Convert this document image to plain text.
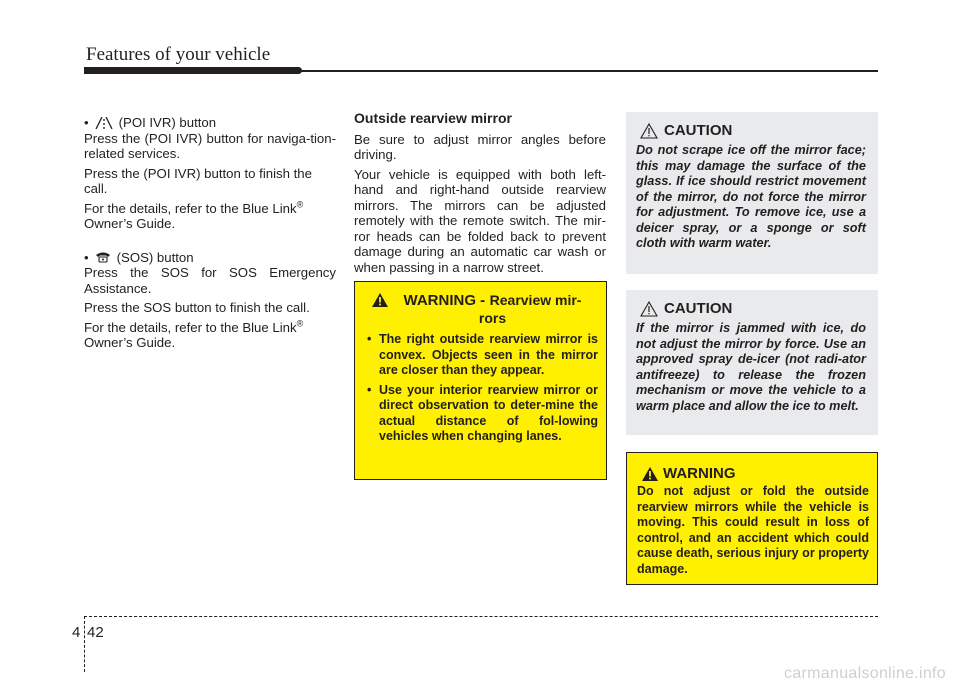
Features of your vehicle
• (POI IVR) button

Press the (POI IVR) button for naviga-tion-related services.

Press the (POI IVR) button to finish the call.

For the details, refer to the Blue Link®
Owner’s Guide.

• (SOS) button

Press the SOS for SOS Emergency Assistance.

Press the SOS button to finish the call.

For the details, refer to the Blue Link®
Owner’s Guide.

Outside rearview mirror

Be sure to adjust mirror angles before driving.

Your vehicle is equipped with both left-hand and right-hand outside rearview mirrors. The mirrors can be adjusted remotely with the remote switch. The mir-ror heads can be folded back to prevent damage during an automatic car wash or when passing in a narrow street.

WARNING - Rearview mir-rors
• The right outside rearview mirror is convex. Objects seen in the mirror are closer than they appear.
• Use your interior rearview mirror or direct observation to deter-mine the actual distance of fol-lowing vehicles when changing lanes.
CAUTION
Do not scrape ice off the mirror face; this may damage the surface of the glass. If ice should restrict movement of the mirror, do not force the mirror for adjustment. To remove ice, use a deicer spray, or a sponge or soft cloth with warm water.
CAUTION
If the mirror is jammed with ice, do not adjust the mirror by force. Use an approved spray de-icer (not radi-ator antifreeze) to release the frozen mechanism or move the vehicle to a warm place and allow the ice to melt.
WARNING
Do not adjust or fold the outside rearview mirrors while the vehicle is moving. This could result in loss of control, and an accident which could cause death, serious injury or property damage.
4 42
carmanualsonline.info
